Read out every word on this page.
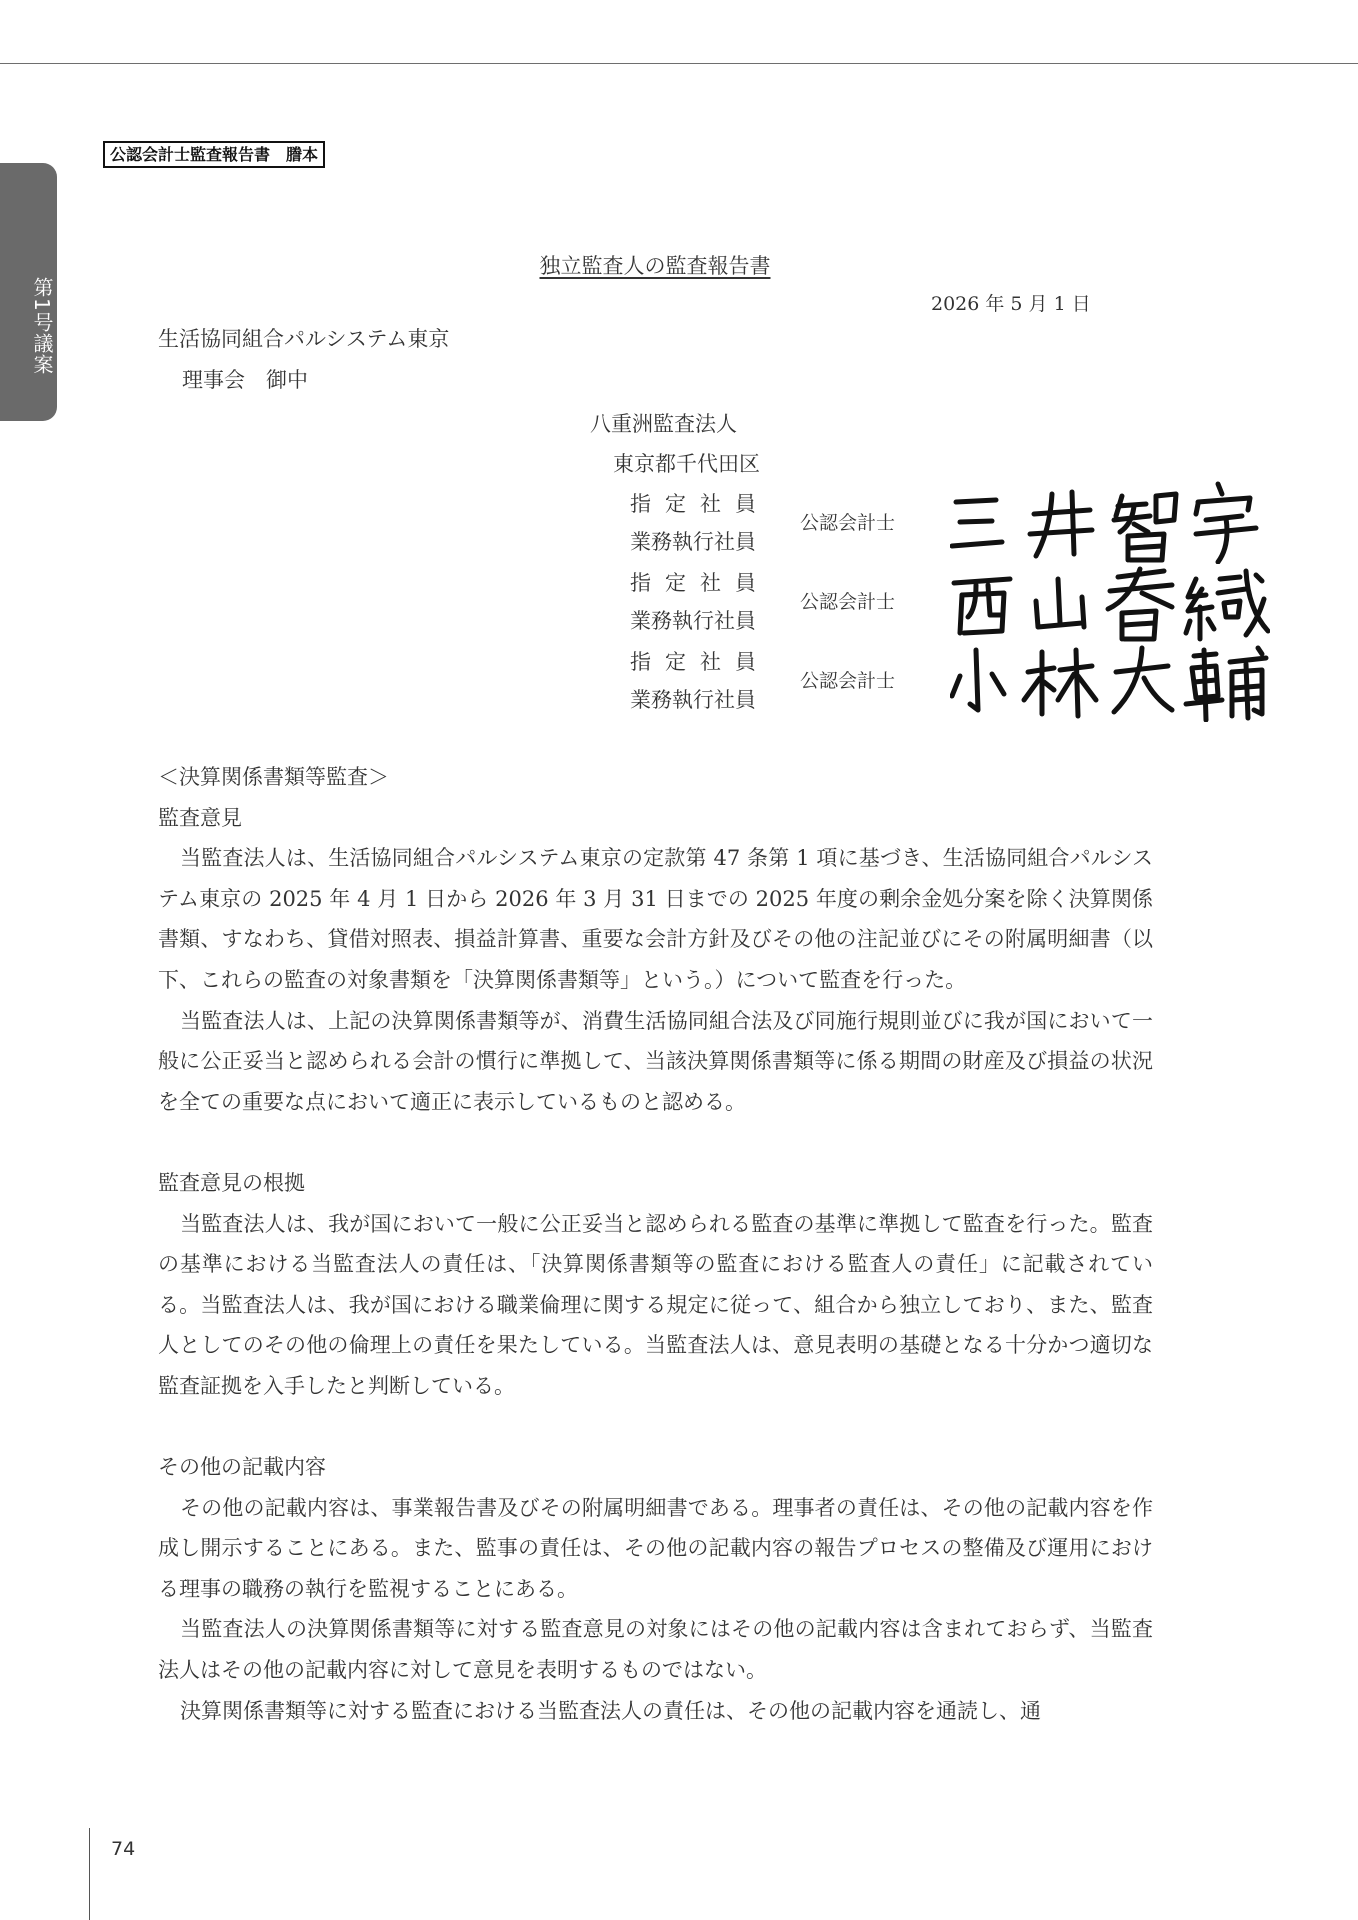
第1号議案
公認会計士監査報告書　謄本
独立監査人の監査報告書
2026 年 5 月 1 日
生活協同組合パルシステム東京
理事会　御中
八重洲監査法人
東京都千代田区
指定社員
業務執行社員
公認会計士
指定社員
業務執行社員
公認会計士
指定社員
業務執行社員
公認会計士

＜決算関係書類等監査＞

監査意見

当監査法人は、生活協同組合パルシステム東京の定款第 47 条第 1 項に基づき、生活協同組合パルシステム東京の 2025 年 4 月 1 日から 2026 年 3 月 31 日までの 2025 年度の剰余金処分案を除く決算関係書類、すなわち、貸借対照表、損益計算書、重要な会計方針及びその他の注記並びにその附属明細書（以下、これらの監査の対象書類を「決算関係書類等」という。）について監査を行った。

当監査法人は、上記の決算関係書類等が、消費生活協同組合法及び同施行規則並びに我が国において一般に公正妥当と認められる会計の慣行に準拠して、当該決算関係書類等に係る期間の財産及び損益の状況を全ての重要な点において適正に表示しているものと認める。

監査意見の根拠

当監査法人は、我が国において一般に公正妥当と認められる監査の基準に準拠して監査を行った。監査の基準における当監査法人の責任は、「決算関係書類等の監査における監査人の責任」に記載されている。当監査法人は、我が国における職業倫理に関する規定に従って、組合から独立しており、また、監査人としてのその他の倫理上の責任を果たしている。当監査法人は、意見表明の基礎となる十分かつ適切な監査証拠を入手したと判断している。

その他の記載内容

その他の記載内容は、事業報告書及びその附属明細書である。理事者の責任は、その他の記載内容を作成し開示することにある。また、監事の責任は、その他の記載内容の報告プロセスの整備及び運用における理事の職務の執行を監視することにある。

当監査法人の決算関係書類等に対する監査意見の対象にはその他の記載内容は含まれておらず、当監査法人はその他の記載内容に対して意見を表明するものではない。

決算関係書類等に対する監査における当監査法人の責任は、その他の記載内容を通読し、通

74
